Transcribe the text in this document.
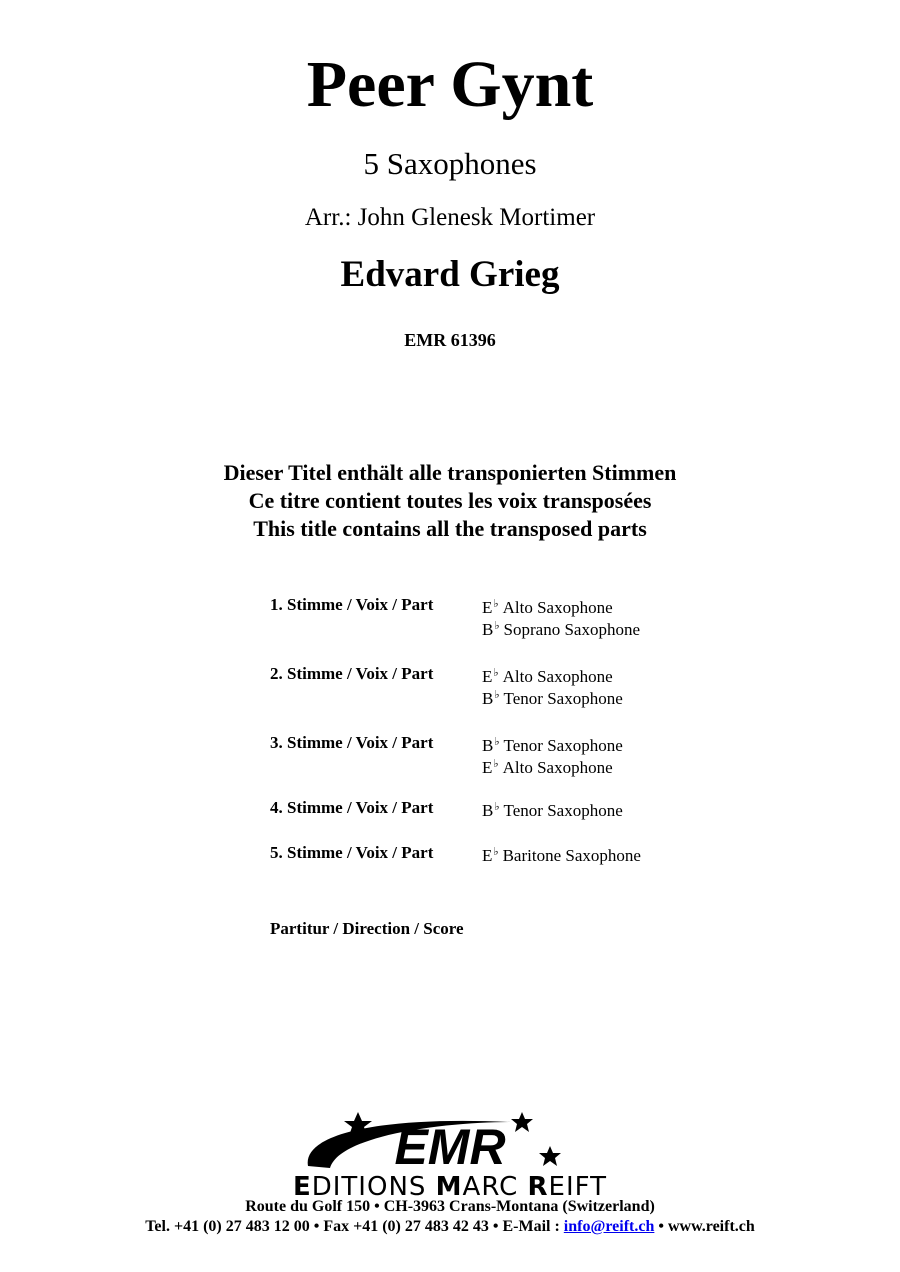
Peer Gynt
5 Saxophones
Arr.: John Glenesk Mortimer
Edvard Grieg
EMR 61396
Dieser Titel enthält alle transponierten Stimmen
Ce titre contient toutes les voix transposées
This title contains all the transposed parts
1. Stimme / Voix / Part	E♭ Alto Saxophone
B♭ Soprano Saxophone
2. Stimme / Voix / Part	E♭ Alto Saxophone
B♭ Tenor Saxophone
3. Stimme / Voix / Part	B♭ Tenor Saxophone
E♭ Alto Saxophone
4. Stimme / Voix / Part	B♭ Tenor Saxophone
5. Stimme / Voix / Part	E♭ Baritone Saxophone
Partitur / Direction / Score
EMR
EDITIONS MARC REIFT
Route du Golf 150 • CH-3963 Crans-Montana (Switzerland)
Tel. +41 (0) 27 483 12 00 • Fax +41 (0) 27 483 42 43 • E-Mail : info@reift.ch • www.reift.ch
